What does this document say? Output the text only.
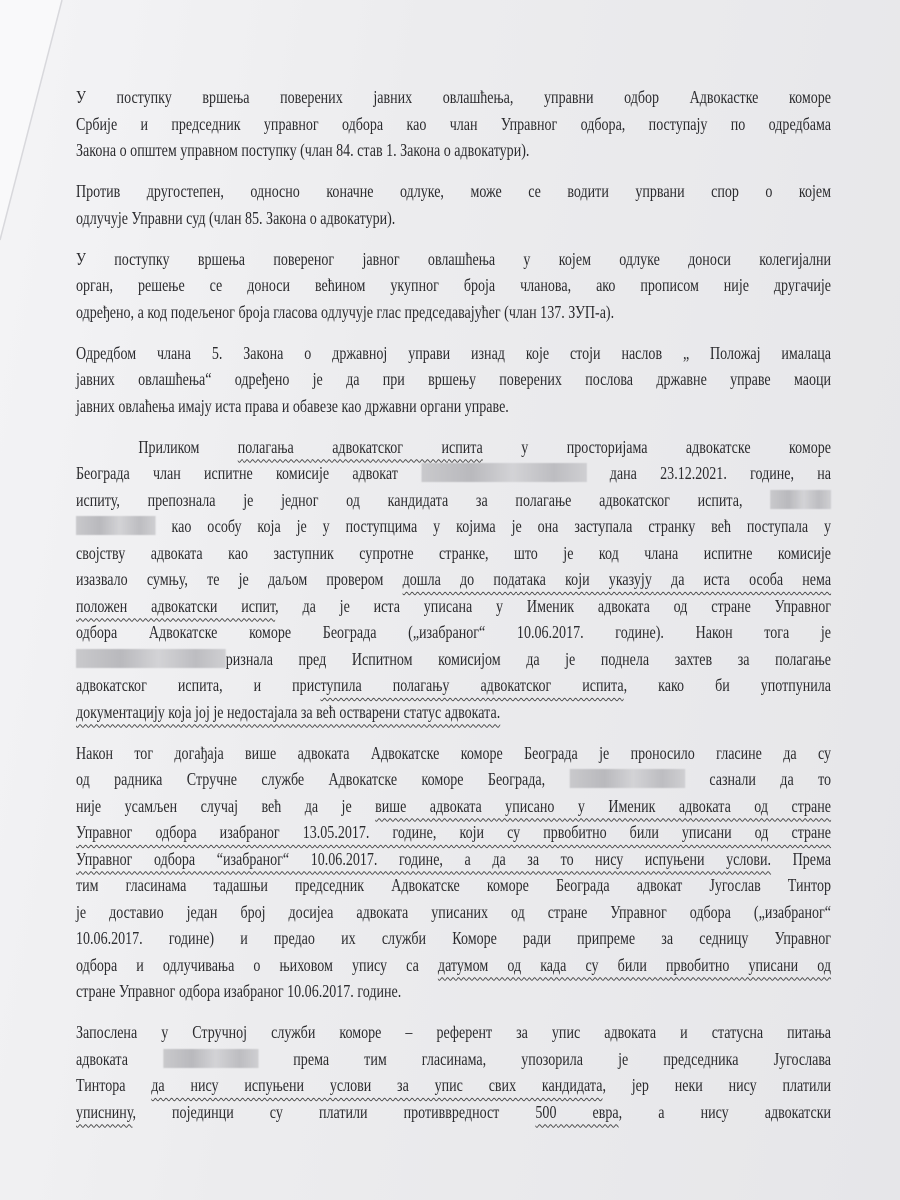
У поступку вршења поверених јавних овлашћења, управни одбор Адвокастке коморе
Србије и председник управног одбора као члан Управног одбора, поступају по одредбама
Закона о општем управном поступку (члан 84. став 1. Закона о адвокатури).
Против другостепен, односно коначне одлуке, може се водити упрвани спор о којем
одлучује Управни суд (члан 85. Закона о адвокатури).
У поступку вршења повереног јавног овлашћења у којем одлуке доноси колегијални
орган, решење се доноси већином укупног броја чланова, ако прописом није другачије
одређено, а код подељеног броја гласова одлучује глас председавајућег (члан 137. ЗУП-а).
Одредбом члана 5. Закона о државној управи изнад које стоји наслов „ Положај ималаца
јавних овлашћења“ одређено је да при вршењу поверених послова државне управе маоци
јавних овлаћења имају иста права и обавезе као државни органи управе.
Приликом полагања адвокатског испита у просторијама адвокатске коморе
Београда члан испитне комисије адвокат	дана 23.12.2021. године, на
испиту, препознала је једног од кандидата за полагање адвокатског испита,
као особу која је у поступцима у којима је она заступала странку већ поступала у
својству адвоката као заступник супротне странке, што је код члана испитне комисије
изазвало сумњу, те је даљом провером дошла до података који указују да иста особа нема
положен адвокатски испит, да је иста уписана у Именик адвоката од стране Управног
одбора Адвокатске коморе Београда („изабраног“ 10.06.2017. године). Након тога је
ризнала пред Испитном комисијом да је поднела захтев за полагање
адвокатског испита, и приступила полагању адвокатског испита, како би употпунила
документацију која јој је недостајала за већ остварени статус адвоката.
Након тог догађаја више адвоката Адвокатске коморе Београда је проносило гласине да су
од радника Стручне службе Адвокатске коморе Београда,	сазнали да то
није усамљен случај већ да је више адвоката уписано у Именик адвоката од стране
Управног одбора изабраног 13.05.2017. године, који су првобитно били уписани од стране
Управног одбора “изабраног“ 10.06.2017. године, а да за то нису испуњени услови. Према
тим гласинама тадашњи председник Адвокатске коморе Београда адвокат Југослав Тинтор
је доставио један број досијеа адвоката уписаних од стране Управног одбора („изабраног“
10.06.2017. године) и предао их служби Коморе ради припреме за седницу Управног
одбора и одлучивања о њиховом упису са датумом од када су били првобитно уписани од
стране Управног одбора изабраног 10.06.2017. године.
Запослена у Стручној служби коморе – референт за упис адвоката и статусна питања
адвоката	према тим гласинама, упозорила је председника Југослава
Тинтора да нису испуњени услови за упис свих кандидата, јер неки нису платили
уписнину, појединци су платили противвредност 500 евра, а нису адвокатски
